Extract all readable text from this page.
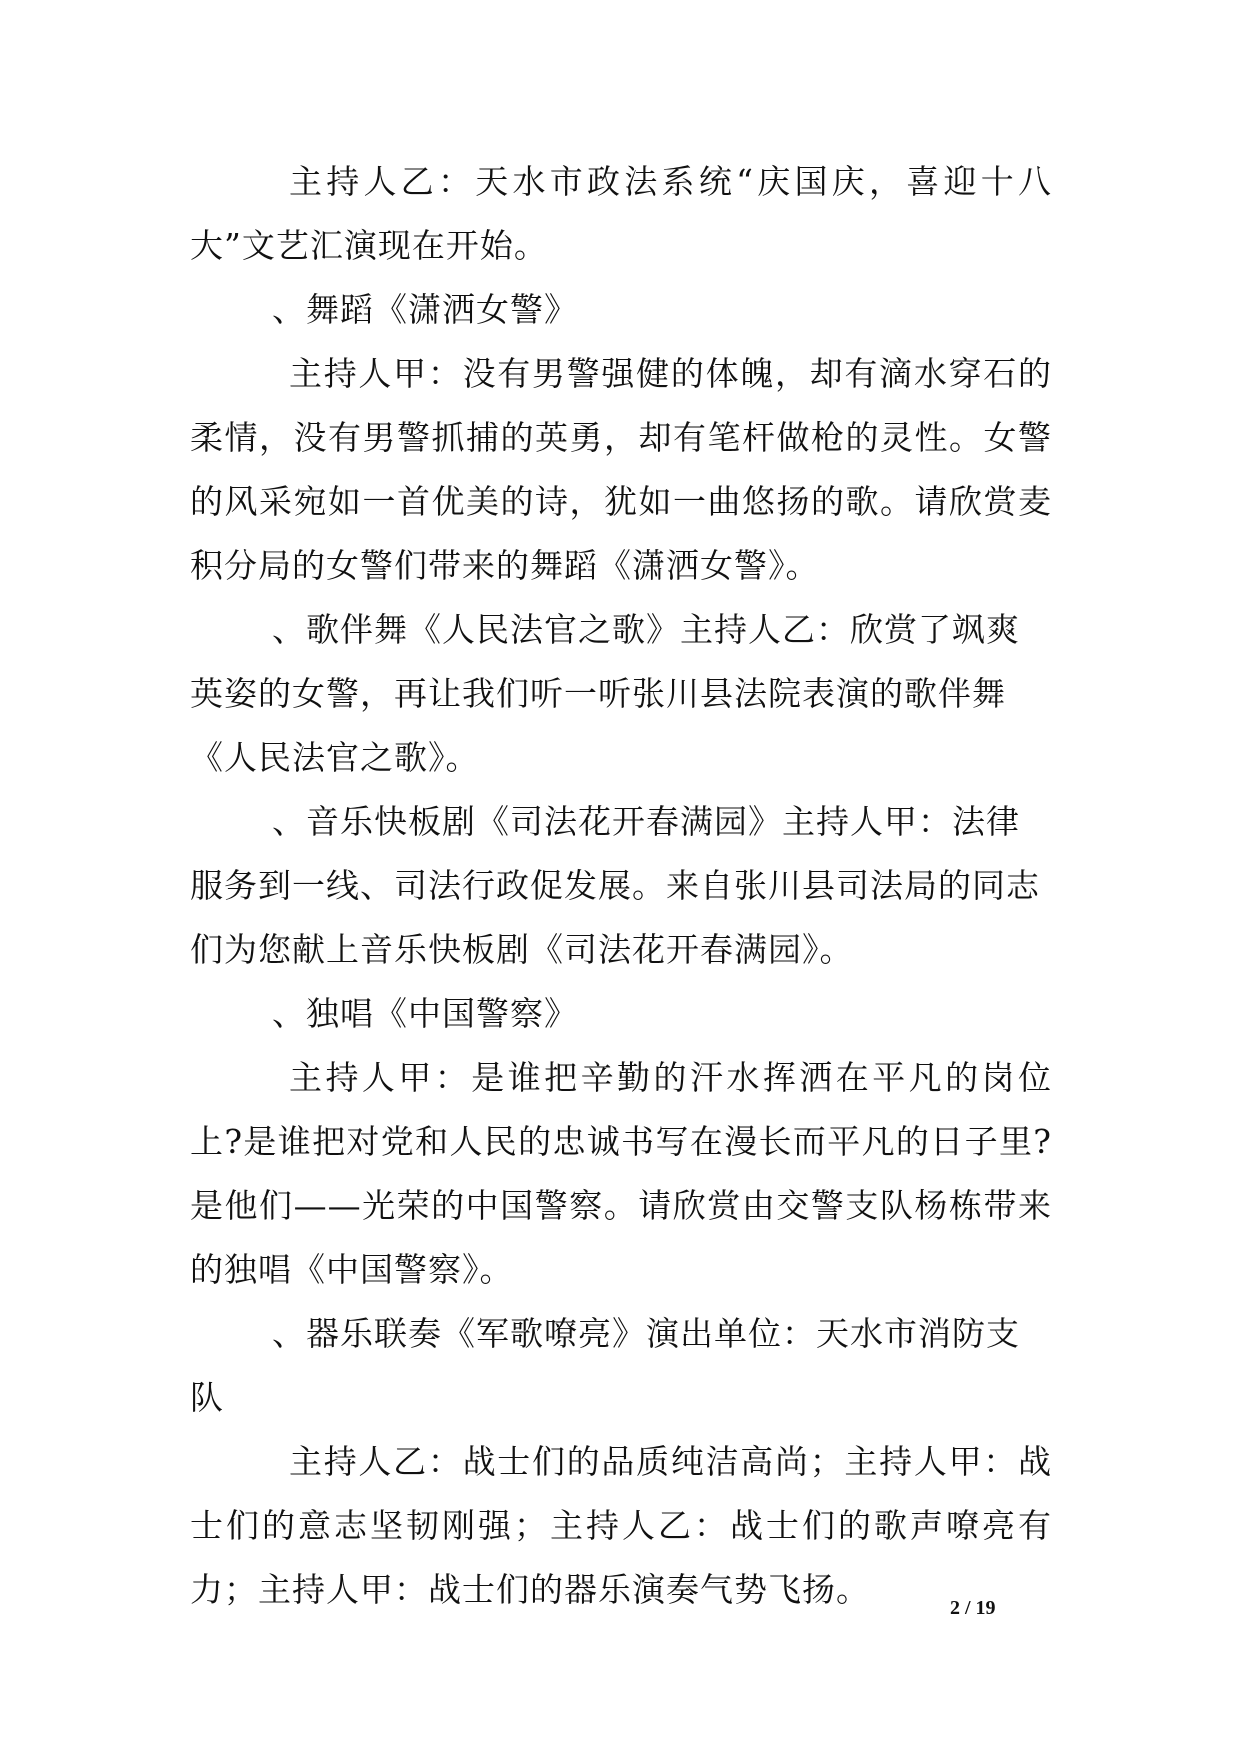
主持人乙：天水市政法系统“庆国庆，喜迎十八大”文艺汇演现在开始。

、舞蹈《潇洒女警》

主持人甲：没有男警强健的体魄，却有滴水穿石的柔情，没有男警抓捕的英勇，却有笔杆做枪的灵性。女警的风采宛如一首优美的诗，犹如一曲悠扬的歌。请欣赏麦积分局的女警们带来的舞蹈《潇洒女警》。

、歌伴舞《人民法官之歌》主持人乙：欣赏了飒爽英姿的女警，再让我们听一听张川县法院表演的歌伴舞《人民法官之歌》。

、音乐快板剧《司法花开春满园》主持人甲：法律服务到一线、司法行政促发展。来自张川县司法局的同志们为您献上音乐快板剧《司法花开春满园》。

、独唱《中国警察》

主持人甲：是谁把辛勤的汗水挥洒在平凡的岗位上?是谁把对党和人民的忠诚书写在漫长而平凡的日子里?是他们——光荣的中国警察。请欣赏由交警支队杨栋带来的独唱《中国警察》。

、器乐联奏《军歌嘹亮》演出单位：天水市消防支队

主持人乙：战士们的品质纯洁高尚；主持人甲：战士们的意志坚韧刚强；主持人乙：战士们的歌声嘹亮有力；主持人甲：战士们的器乐演奏气势飞扬。	2 / 19
